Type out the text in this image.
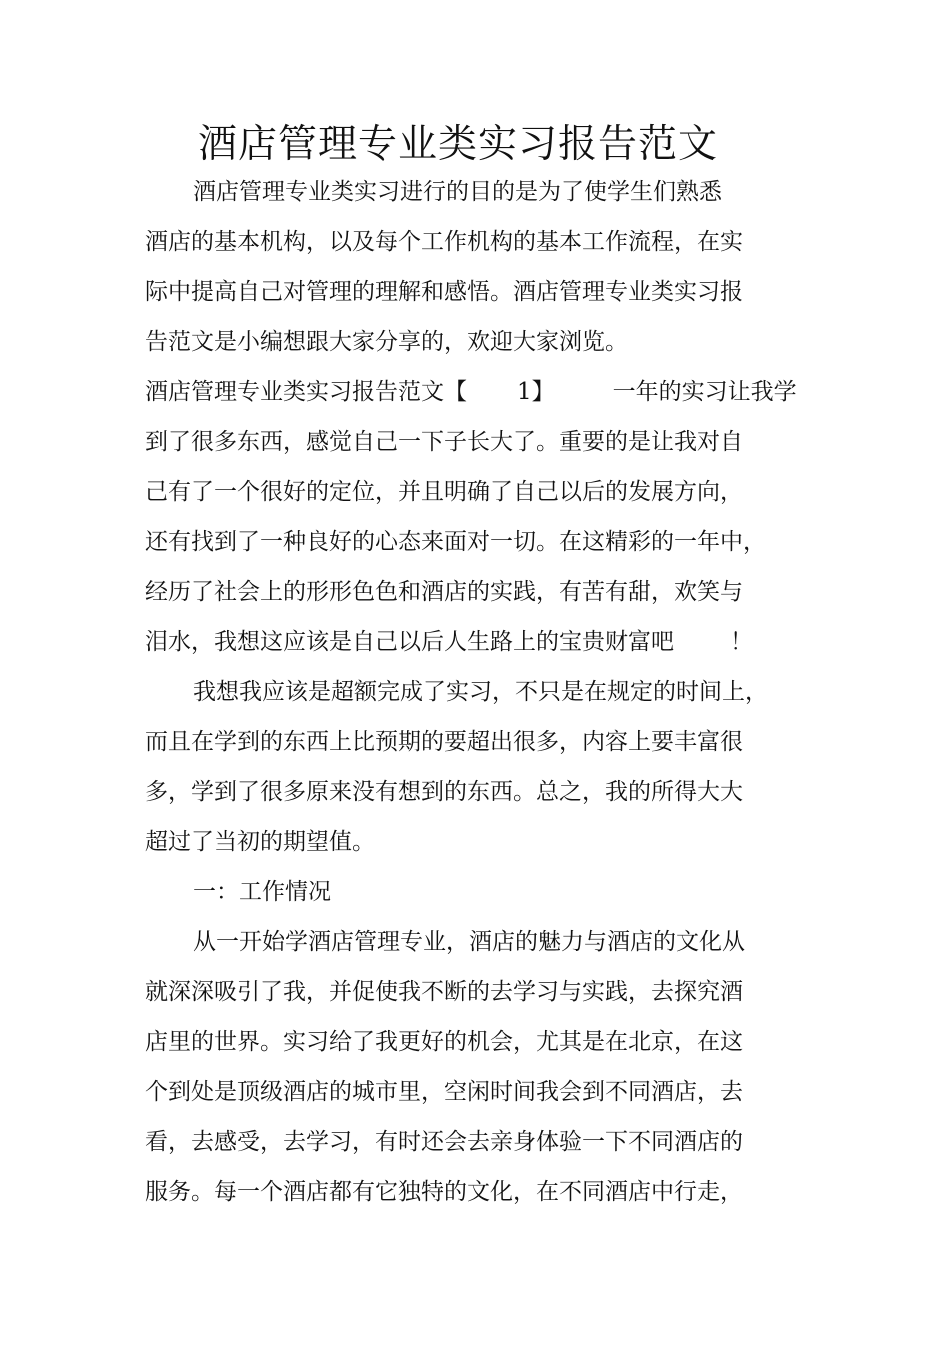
酒店管理专业类实习报告范文
酒店管理专业类实习进行的目的是为了使学生们熟悉
酒店的基本机构，以及每个工作机构的基本工作流程，在实
际中提高自己对管理的理解和感悟。酒店管理专业类实习报
告范文是小编想跟大家分享的，欢迎大家浏览。
酒店管理专业类实习报告范文【 1】	一年的实习让我学
到了很多东西，感觉自己一下子长大了。重要的是让我对自
己有了一个很好的定位，并且明确了自己以后的发展方向，
还有找到了一种良好的心态来面对一切。在这精彩的一年中，
经历了社会上的形形色色和酒店的实践，有苦有甜，欢笑与
泪水，我想这应该是自己以后人生路上的宝贵财富吧 ！
我想我应该是超额完成了实习，不只是在规定的时间上，
而且在学到的东西上比预期的要超出很多，内容上要丰富很
多，学到了很多原来没有想到的东西。总之，我的所得大大
超过了当初的期望值。
一：工作情况
从一开始学酒店管理专业，酒店的魅力与酒店的文化从
就深深吸引了我，并促使我不断的去学习与实践，去探究酒
店里的世界。实习给了我更好的机会，尤其是在北京，在这
个到处是顶级酒店的城市里，空闲时间我会到不同酒店，去
看，去感受，去学习，有时还会去亲身体验一下不同酒店的
服务。每一个酒店都有它独特的文化，在不同酒店中行走，
